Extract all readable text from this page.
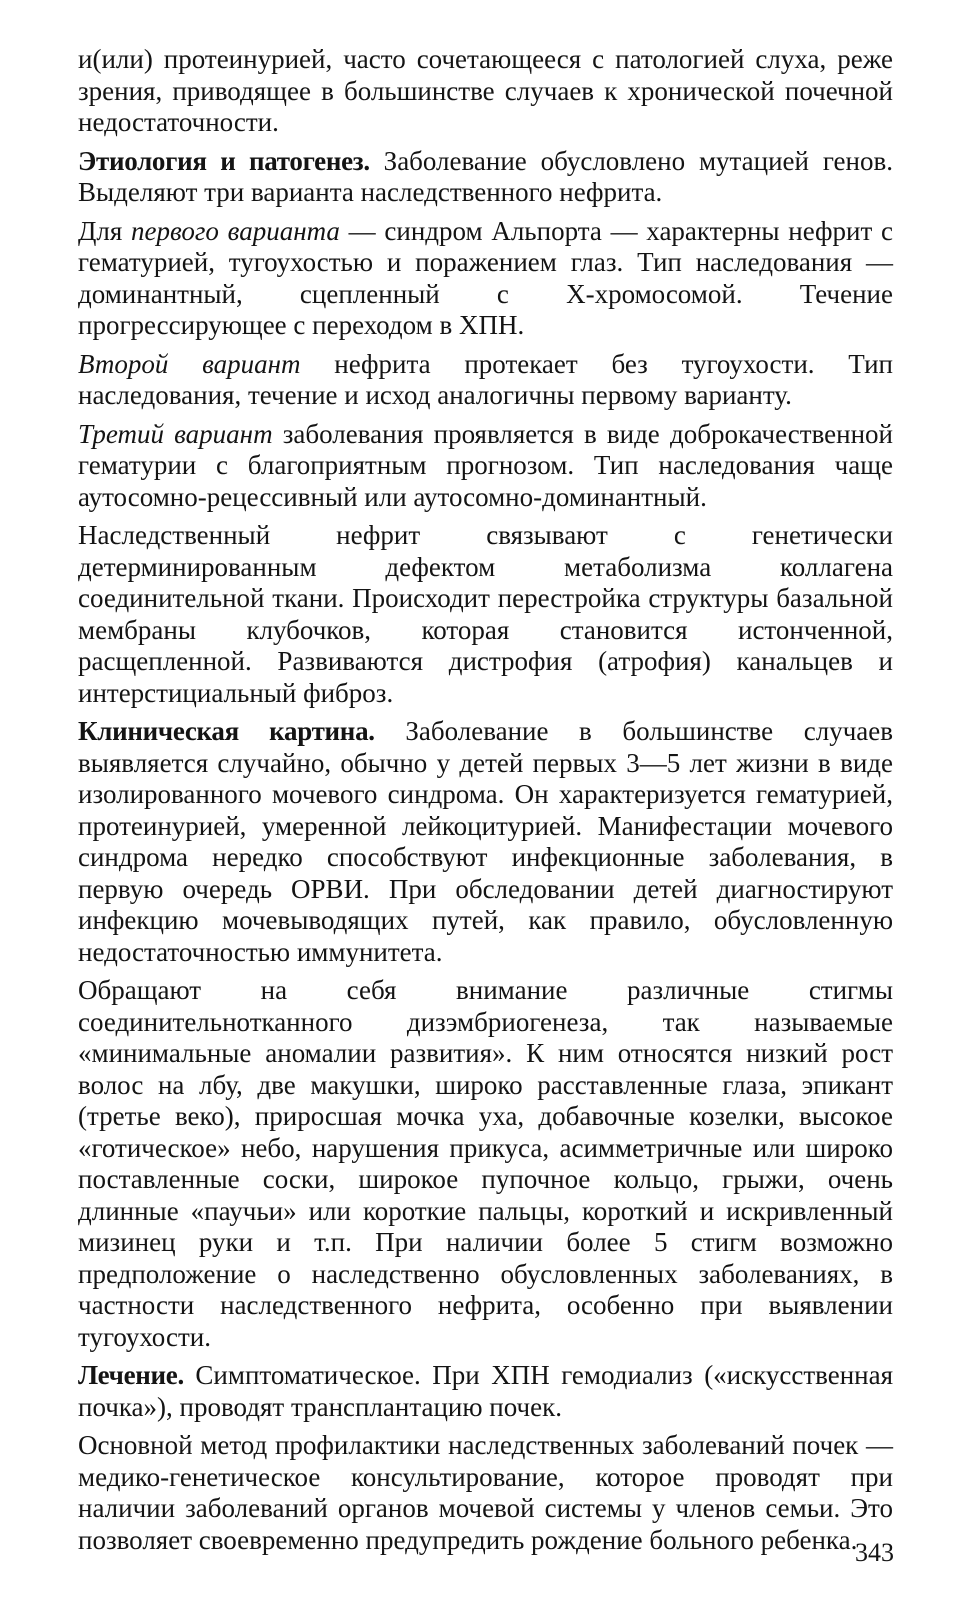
и(или) протеинурией, часто сочетающееся с патологией слуха, реже зрения, приводящее в большинстве случаев к хронической почечной недостаточности.

Этиология и патогенез. Заболевание обусловлено мутацией генов. Выделяют три варианта наследственного нефрита.

Для первого варианта — синдром Альпорта — характерны нефрит с гематурией, тугоухостью и поражением глаз. Тип наследования — доминантный, сцепленный с Х-хромосомой. Течение прогрессирующее с переходом в ХПН.

Второй вариант нефрита протекает без тугоухости. Тип наследования, течение и исход аналогичны первому варианту.

Третий вариант заболевания проявляется в виде доброкачественной гематурии с благоприятным прогнозом. Тип наследования чаще аутосомно-рецессивный или аутосомно-доминантный.

Наследственный нефрит связывают с генетически детерминированным дефектом метаболизма коллагена соединительной ткани. Происходит перестройка структуры базальной мембраны клубочков, которая становится истонченной, расщепленной. Развиваются дистрофия (атрофия) канальцев и интерстициальный фиброз.

Клиническая картина. Заболевание в большинстве случаев выявляется случайно, обычно у детей первых 3—5 лет жизни в виде изолированного мочевого синдрома. Он характеризуется гематурией, протеинурией, умеренной лейкоцитурией. Манифестации мочевого синдрома нередко способствуют инфекционные заболевания, в первую очередь ОРВИ. При обследовании детей диагностируют инфекцию мочевыводящих путей, как правило, обусловленную недостаточностью иммунитета.

Обращают на себя внимание различные стигмы соединительнотканного дизэмбриогенеза, так называемые «минимальные аномалии развития». К ним относятся низкий рост волос на лбу, две макушки, широко расставленные глаза, эпикант (третье веко), приросшая мочка уха, добавочные козелки, высокое «готическое» небо, нарушения прикуса, асимметричные или широко поставленные соски, широкое пупочное кольцо, грыжи, очень длинные «паучьи» или короткие пальцы, короткий и искривленный мизинец руки и т.п. При наличии более 5 стигм возможно предположение о наследственно обусловленных заболеваниях, в частности наследственного нефрита, особенно при выявлении тугоухости.

Лечение. Симптоматическое. При ХПН гемодиализ («искусственная почка»), проводят трансплантацию почек.

Основной метод профилактики наследственных заболеваний почек — медико-генетическое консультирование, которое проводят при наличии заболеваний органов мочевой системы у членов семьи. Это позволяет своевременно предупредить рождение больного ребенка.

343
